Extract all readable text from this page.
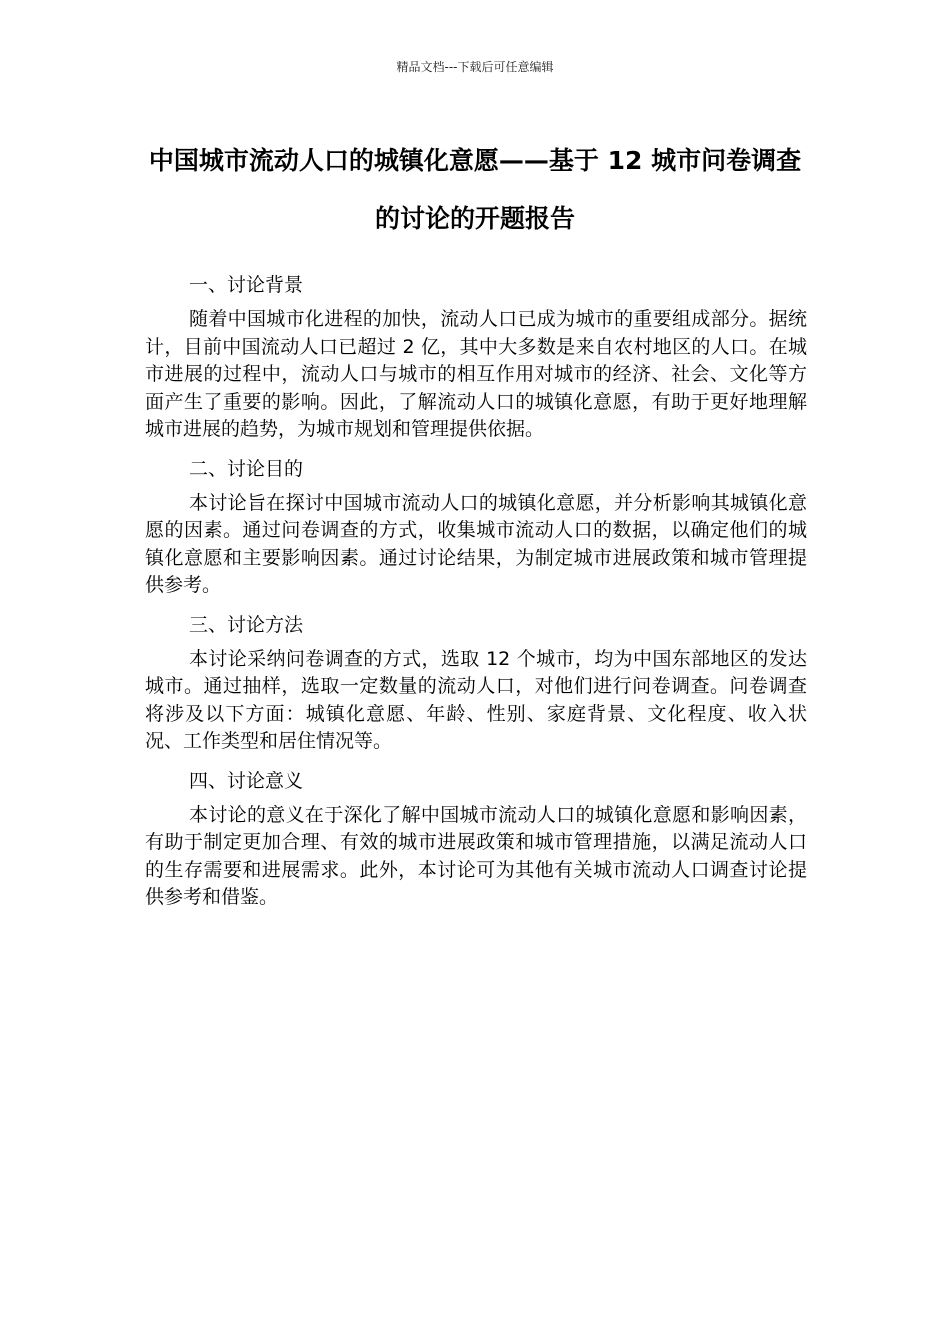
精品文档---下载后可任意编辑
中国城市流动人口的城镇化意愿——基于 12 城市问卷调查的讨论的开题报告

一、讨论背景

随着中国城市化进程的加快，流动人口已成为城市的重要组成部分。据统计，目前中国流动人口已超过 2 亿，其中大多数是来自农村地区的人口。在城市进展的过程中，流动人口与城市的相互作用对城市的经济、社会、文化等方面产生了重要的影响。因此，了解流动人口的城镇化意愿，有助于更好地理解城市进展的趋势，为城市规划和管理提供依据。

二、讨论目的

本讨论旨在探讨中国城市流动人口的城镇化意愿，并分析影响其城镇化意愿的因素。通过问卷调查的方式，收集城市流动人口的数据，以确定他们的城镇化意愿和主要影响因素。通过讨论结果，为制定城市进展政策和城市管理提供参考。

三、讨论方法

本讨论采纳问卷调查的方式，选取 12 个城市，均为中国东部地区的发达城市。通过抽样，选取一定数量的流动人口，对他们进行问卷调查。问卷调查将涉及以下方面：城镇化意愿、年龄、性别、家庭背景、文化程度、收入状况、工作类型和居住情况等。

四、讨论意义

本讨论的意义在于深化了解中国城市流动人口的城镇化意愿和影响因素，有助于制定更加合理、有效的城市进展政策和城市管理措施，以满足流动人口的生存需要和进展需求。此外，本讨论可为其他有关城市流动人口调查讨论提供参考和借鉴。
